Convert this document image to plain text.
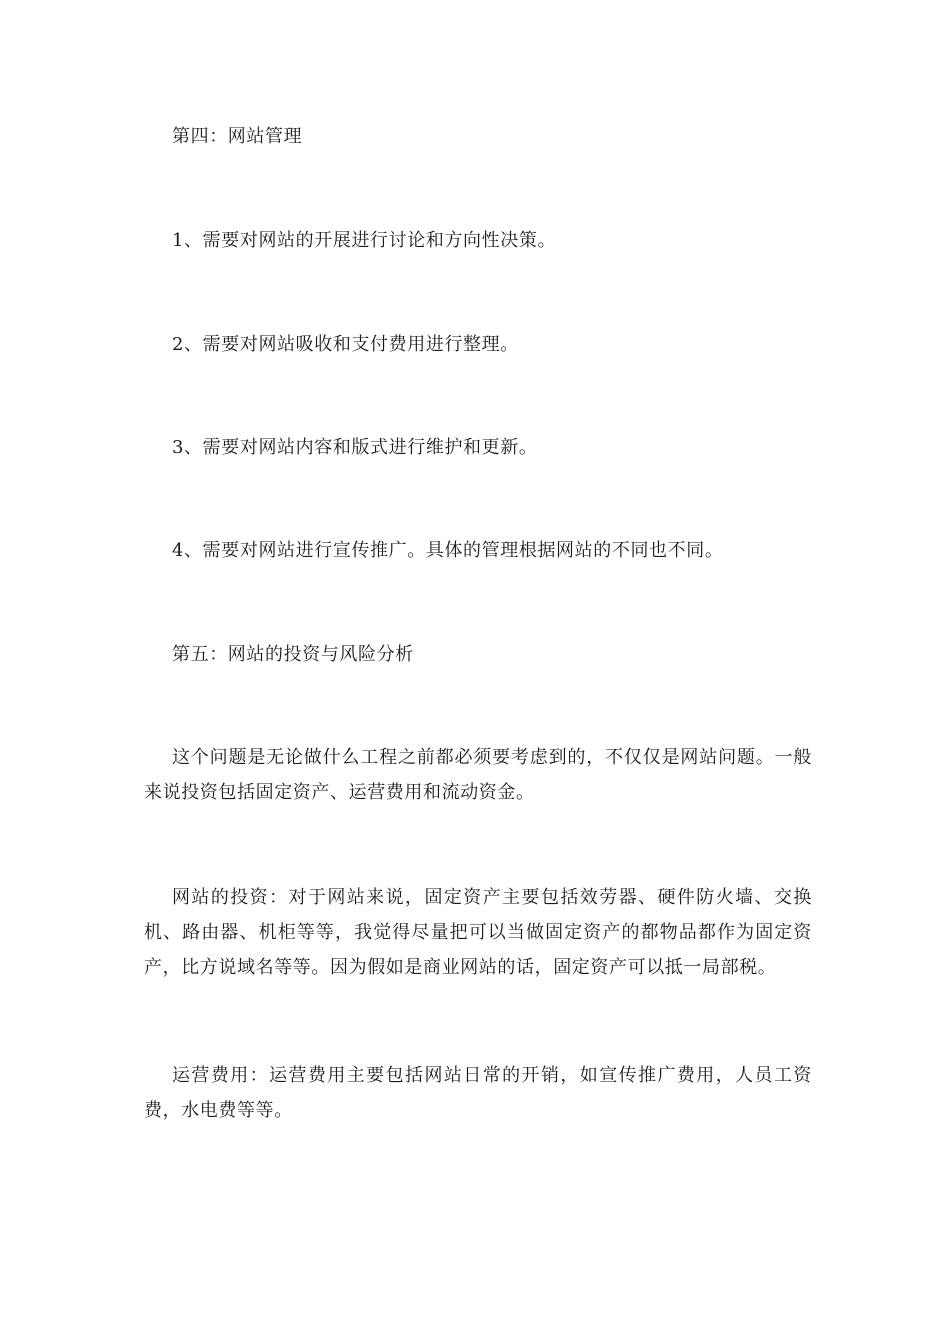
第四：网站管理

1、需要对网站的开展进行讨论和方向性决策。

2、需要对网站吸收和支付费用进行整理。

3、需要对网站内容和版式进行维护和更新。

4、需要对网站进行宣传推广。具体的管理根据网站的不同也不同。

第五：网站的投资与风险分析

这个问题是无论做什么工程之前都必须要考虑到的，不仅仅是网站问题。一般来说投资包括固定资产、运营费用和流动资金。

网站的投资：对于网站来说，固定资产主要包括效劳器、硬件防火墙、交换机、路由器、机柜等等，我觉得尽量把可以当做固定资产的都物品都作为固定资产，比方说域名等等。因为假如是商业网站的话，固定资产可以抵一局部税。

运营费用：运营费用主要包括网站日常的开销，如宣传推广费用，人员工资费，水电费等等。
